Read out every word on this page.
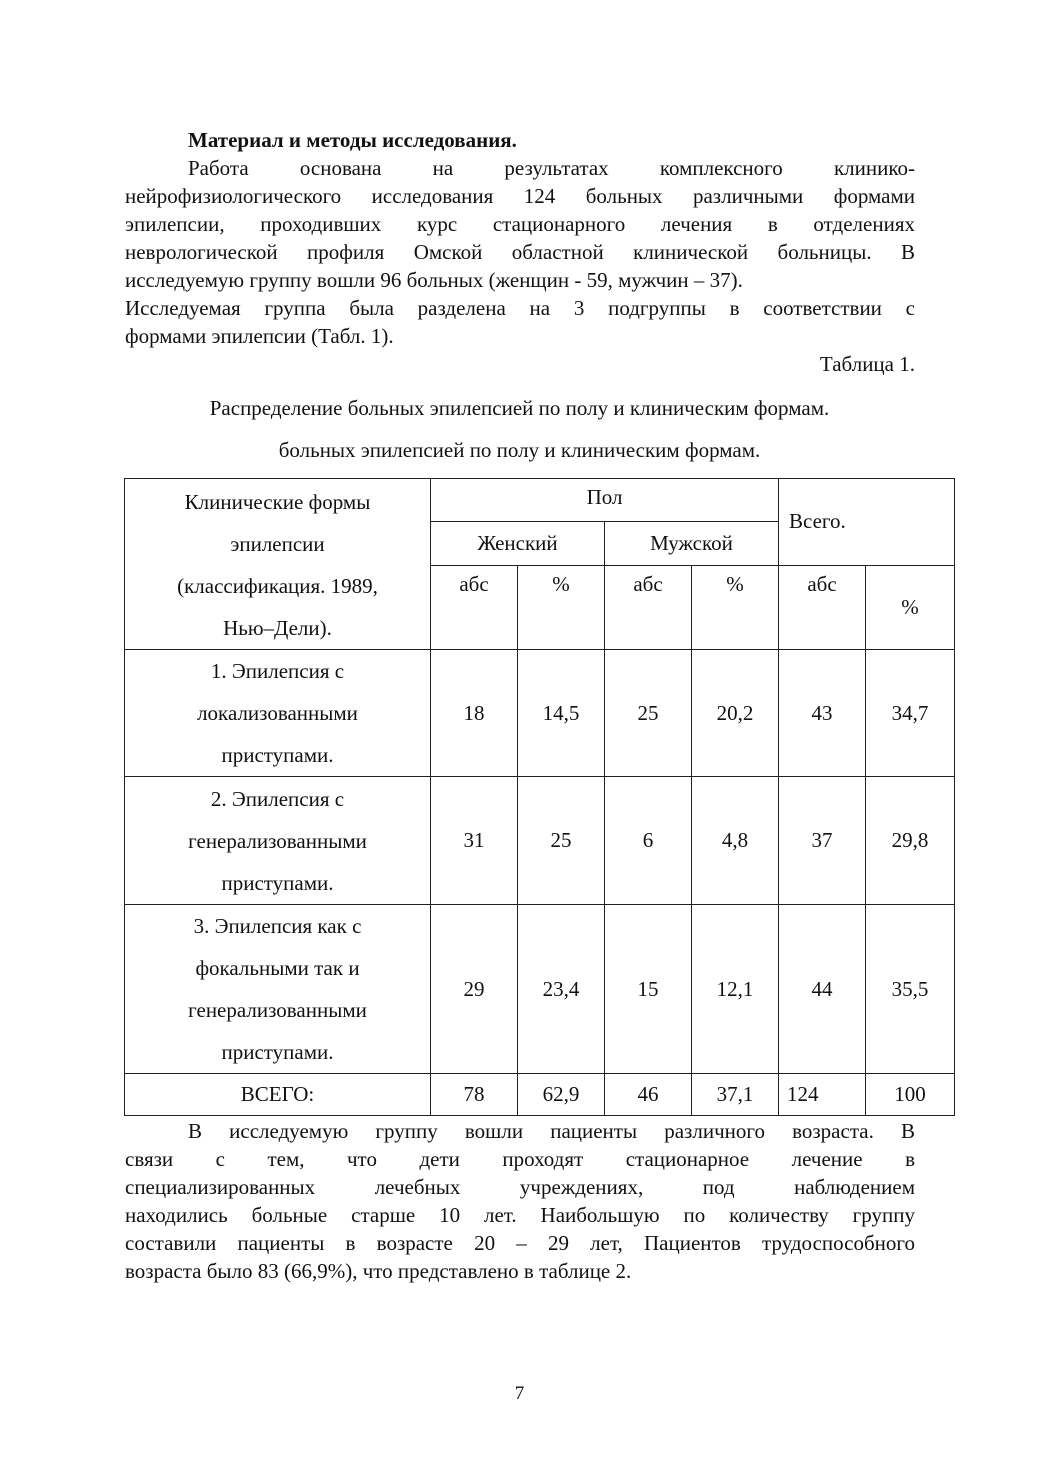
Материал и методы исследования.
Работа основана на результатах комплексного клинико-
нейрофизиологического исследования 124 больных различными формами
эпилепсии, проходивших курс стационарного лечения в отделениях
неврологической профиля Омской областной клинической больницы. В
исследуемую группу вошли 96 больных (женщин - 59, мужчин – 37).
Исследуемая группа была разделена на 3 подгруппы в соответствии с
формами эпилепсии (Табл. 1).
Таблица 1.
Распределение больных эпилепсией по полу и клиническим формам.
больных эпилепсией по полу и клиническим формам.
Клинические формы
эпилепсии
(классификация. 1989,
Нью–Дели).	Пол				Всего.	
	Женский		Мужской			
	абс	%	абс	%	абс	%

1. Эпилепсия с
локализованными
приступами.	18	14,5	25	20,2	43	34,7

2. Эпилепсия с
генерализованными
приступами.	31	25	6	4,8	37	29,8

3. Эпилепсия как с
фокальными так и
генерализованными
приступами.	29	23,4	15	12,1	44	35,5
ВСЕГО:	78	62,9	46	37,1	124	100
В исследуемую группу вошли пациенты различного возраста. В
связи с тем, что дети проходят стационарное лечение в
специализированных лечебных учреждениях, под наблюдением
находились больные старше 10 лет. Наибольшую по количеству группу
составили пациенты в возрасте 20 – 29 лет, Пациентов трудоспособного
возраста было 83 (66,9%), что представлено в таблице 2.
7
